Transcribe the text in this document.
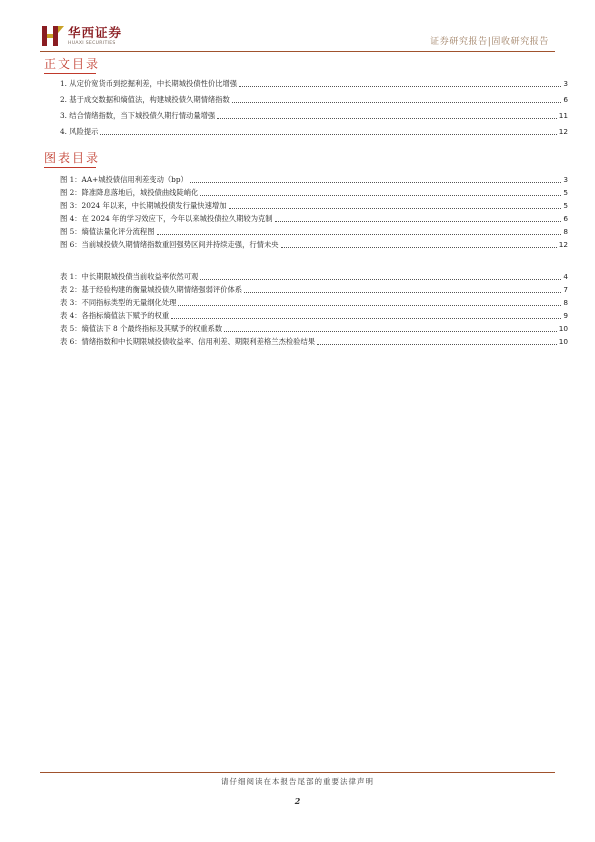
华西证券
HUAXI SECURITIES	证券研究报告|固收研究报告
正文目录
1. 从定价宽货币到挖掘利差，中长期城投债性价比增强	3
2. 基于成交数据和熵值法，构建城投债久期情绪指数	6
3. 结合情绪指数，当下城投债久期行情动量增强	11
4. 风险提示	12
图表目录
图 1：AA+城投债信用利差变动（bp）	3
图 2：降准降息落地后，城投债曲线陡峭化	5
图 3：2024 年以来，中长期城投债发行量快速增加	5
图 4：在 2024 年的学习效应下，今年以来城投债拉久期较为克制	6
图 5：熵值法量化评分流程图	8
图 6：当前城投债久期情绪指数重回强势区间并持续走强，行情未央	12
表 1：中长期限城投债当前收益率依然可观	4
表 2：基于经验构建的衡量城投债久期情绪强弱评价体系	7
表 3：不同指标类型的无量纲化处理	8
表 4：各指标熵值法下赋予的权重	9
表 5：熵值法下 8 个最终指标及其赋予的权重系数	10
表 6：情绪指数和中长期限城投债收益率、信用利差、期限利差格兰杰检验结果	10
请仔细阅读在本报告尾部的重要法律声明
2
